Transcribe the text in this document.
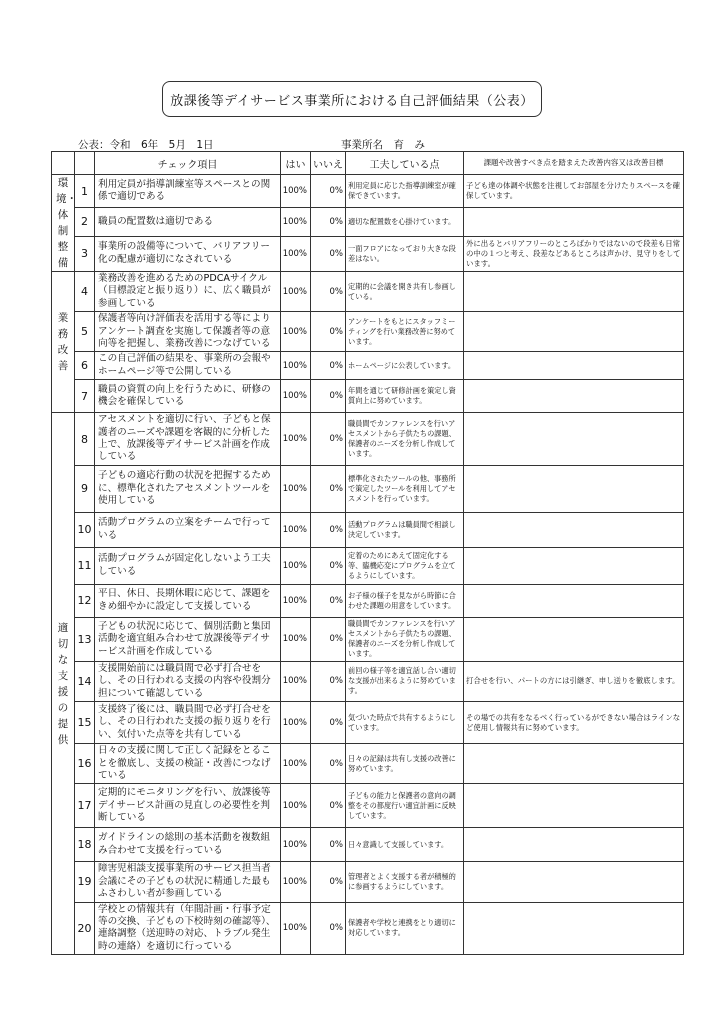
放課後等デイサービス事業所における自己評価結果（公表）
公表：令和　6年　5月　1日	事業所名　育　み
		チェック項目	はい	いいえ	工夫している点	課題や改善すべき点を踏まえた改善内容又は改善目標
環境・体制整備	1	利用定員が指導訓練室等スペースとの関係で適切である	100%	0%	利用定員に応じた指導訓練室が確保できています。	子ども達の体調や状態を注視してお部屋を分けたりスペースを確保しています。
	2	職員の配置数は適切である	100%	0%	適切な配置数を心掛けています。	
	3	事業所の設備等について、バリアフリー化の配慮が適切になされている	100%	0%	一面フロアになっており大きな段差はない。	外に出るとバリアフリーのところばかりではないので段差も日常の中の１つと考え、段差などあるところは声かけ、見守りをしています。
業務改善	4	業務改善を進めるためのPDCAサイクル（目標設定と振り返り）に、広く職員が参画している	100%	0%	定期的に会議を開き共有し参画している。	
	5	保護者等向け評価表を活用する等によりアンケート調査を実施して保護者等の意向等を把握し、業務改善につなげている	100%	0%	アンケートをもとにスタッフミーティングを行い業務改善に努めています。	
	6	この自己評価の結果を、事業所の会報やホームページ等で公開している	100%	0%	ホームページに公表しています。	
	7	職員の資質の向上を行うために、研修の機会を確保している	100%	0%	年間を通じて研修計画を策定し資質向上に努めています。	
適切な支援の提供	8	アセスメントを適切に行い、子どもと保護者のニーズや課題を客観的に分析した上で、放課後等デイサービス計画を作成している	100%	0%	職員間でカンファレンスを行いアセスメントから子供たちの課題、保護者のニーズを分析し作成しています。	
	9	子どもの適応行動の状況を把握するために、標準化されたアセスメントツールを使用している	100%	0%	標準化されたツールの他、事務所で策定したツールを利用してアセスメントを行っています。	
	10	活動プログラムの立案をチームで行っている	100%	0%	活動プログラムは職員間で相談し決定しています。	
	11	活動プログラムが固定化しないよう工夫している	100%	0%	定着のためにあえて固定化する等、臨機応変にプログラムを立てるようにしています。	
	12	平日、休日、長期休暇に応じて、課題をきめ細やかに設定して支援している	100%	0%	お子様の様子を見ながら時節に合わせた課題の用意をしています。	
	13	子どもの状況に応じて、個別活動と集団活動を適宜組み合わせて放課後等デイサービス計画を作成している	100%	0%	職員間でカンファレンスを行いアセスメントから子供たちの課題、保護者のニーズを分析し作成しています。	
	14	支援開始前には職員間で必ず打合せをし、その日行われる支援の内容や役割分担について確認している	100%	0%	前回の様子等を適宜話し合い適切な支援が出来るように努めています。	打合せを行い、パートの方には引継ぎ、申し送りを徹底します。
	15	支援終了後には、職員間で必ず打合せをし、その日行われた支援の振り返りを行い、気付いた点等を共有している	100%	0%	気づいた時点で共有するようにしています。	その場での共有をなるべく行っているができない場合はラインなど使用し情報共有に努めています。
	16	日々の支援に関して正しく記録をとることを徹底し、支援の検証・改善につなげている	100%	0%	日々の記録は共有し支援の改善に努めています。	
	17	定期的にモニタリングを行い、放課後等デイサービス計画の見直しの必要性を判断している	100%	0%	子どもの能力と保護者の意向の調整をその都度行い適宜計画に反映しています。	
	18	ガイドラインの総則の基本活動を複数組み合わせて支援を行っている	100%	0%	日々意識して支援しています。	
	19	障害児相談支援事業所のサービス担当者会議にその子どもの状況に精通した最もふさわしい者が参画している	100%	0%	管理者とよく支援する者が積極的に参画するようにしています。	
	20	学校との情報共有（年間計画・行事予定等の交換、子どもの下校時刻の確認等）、連絡調整（送迎時の対応、トラブル発生時の連絡）を適切に行っている	100%	0%	保護者や学校と連携をとり適切に対応しています。	
